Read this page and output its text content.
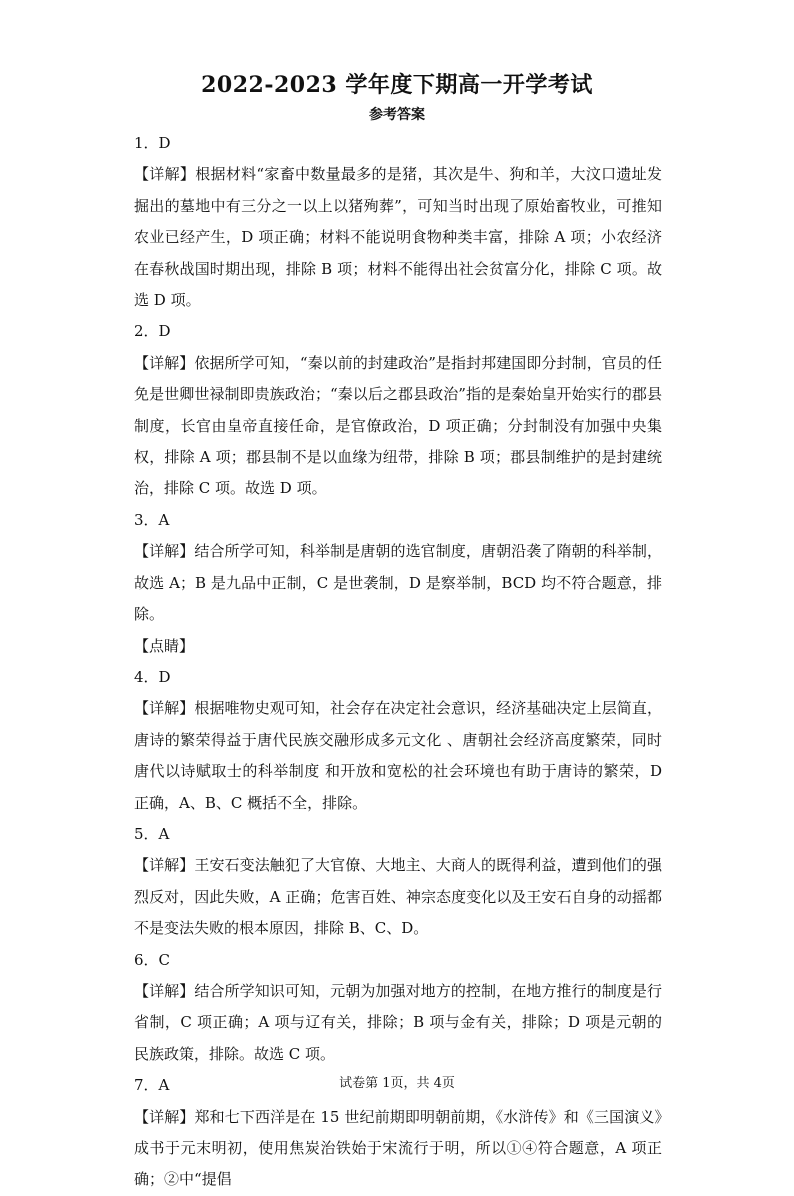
2022-2023 学年度下期高一开学考试
参考答案

1．D

【详解】根据材料“家畜中数量最多的是猪，其次是牛、狗和羊，大汶口遗址发掘出的墓地中有三分之一以上以猪殉葬”，可知当时出现了原始畜牧业，可推知农业已经产生，D 项正确；材料不能说明食物种类丰富，排除 A 项；小农经济在春秋战国时期出现，排除 B 项；材料不能得出社会贫富分化，排除 C 项。故选 D 项。

2．D

【详解】依据所学可知，“秦以前的封建政治”是指封邦建国即分封制，官员的任免是世卿世禄制即贵族政治；“秦以后之郡县政治”指的是秦始皇开始实行的郡县制度，长官由皇帝直接任命，是官僚政治，D 项正确；分封制没有加强中央集权，排除 A 项；郡县制不是以血缘为纽带，排除 B 项；郡县制维护的是封建统治，排除 C 项。故选 D 项。

3．A

【详解】结合所学可知，科举制是唐朝的选官制度，唐朝沿袭了隋朝的科举制，故选 A；B 是九品中正制，C 是世袭制，D 是察举制，BCD 均不符合题意，排除。

【点睛】

4．D

【详解】根据唯物史观可知，社会存在决定社会意识，经济基础决定上层简直，唐诗的繁荣得益于唐代民族交融形成多元文化 、唐朝社会经济高度繁荣，同时唐代以诗赋取士的科举制度 和开放和宽松的社会环境也有助于唐诗的繁荣，D 正确，A、B、C 概括不全，排除。

5．A

【详解】王安石变法触犯了大官僚、大地主、大商人的既得利益，遭到他们的强烈反对，因此失败，A 正确；危害百姓、神宗态度变化以及王安石自身的动摇都不是变法失败的根本原因，排除 B、C、D。

6．C

【详解】结合所学知识可知，元朝为加强对地方的控制，在地方推行的制度是行省制，C 项正确；A 项与辽有关，排除；B 项与金有关，排除；D 项是元朝的民族政策，排除。故选 C 项。

7．A

【详解】郑和七下西洋是在 15 世纪前期即明朝前期，《水浒传》和《三国演义》成书于元末明初，使用焦炭治铁始于宋流行于明，所以①④符合题意，A 项正确；②中“提倡

试卷第 1页，共 4页
